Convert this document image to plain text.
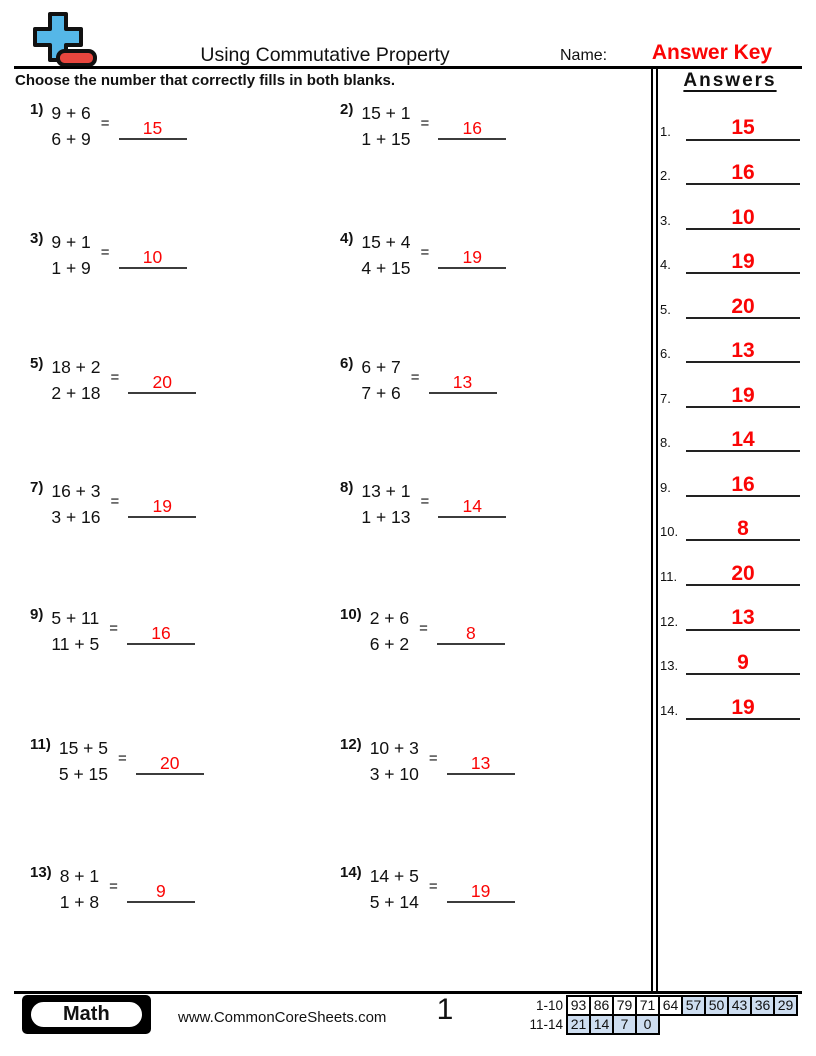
Using Commutative Property	Name:	Answer Key
Choose the number that correctly fills in both blanks.
1) 9 + 6
6 + 9
= 15
2) 15 + 1
1 + 15
= 16
3) 9 + 1
1 + 9
= 10
4) 15 + 4
4 + 15
= 19
5) 18 + 2
2 + 18
= 20
6) 6 + 7
7 + 6
= 13
7) 16 + 3
3 + 16
= 19
8) 13 + 1
1 + 13
= 14
9) 5 + 11
11 + 5
= 16
10) 2 + 6
6 + 2
= 8
11) 15 + 5
5 + 15
= 20
12) 10 + 3
3 + 10
= 13
13) 8 + 1
1 + 8
= 9
14) 14 + 5
5 + 14
= 19
Answers
1.	15
2.	16
3.	10
4.	19
5.	20
6.	13
7.	19
8.	14
9.	16
10.	8
11.	20
12.	13
13.	9
14.	19
Math	www.CommonCoreSheets.com	1	1-10 93 86 79 71 64 57 50 43 36 29
11-14 21 14 7	0
